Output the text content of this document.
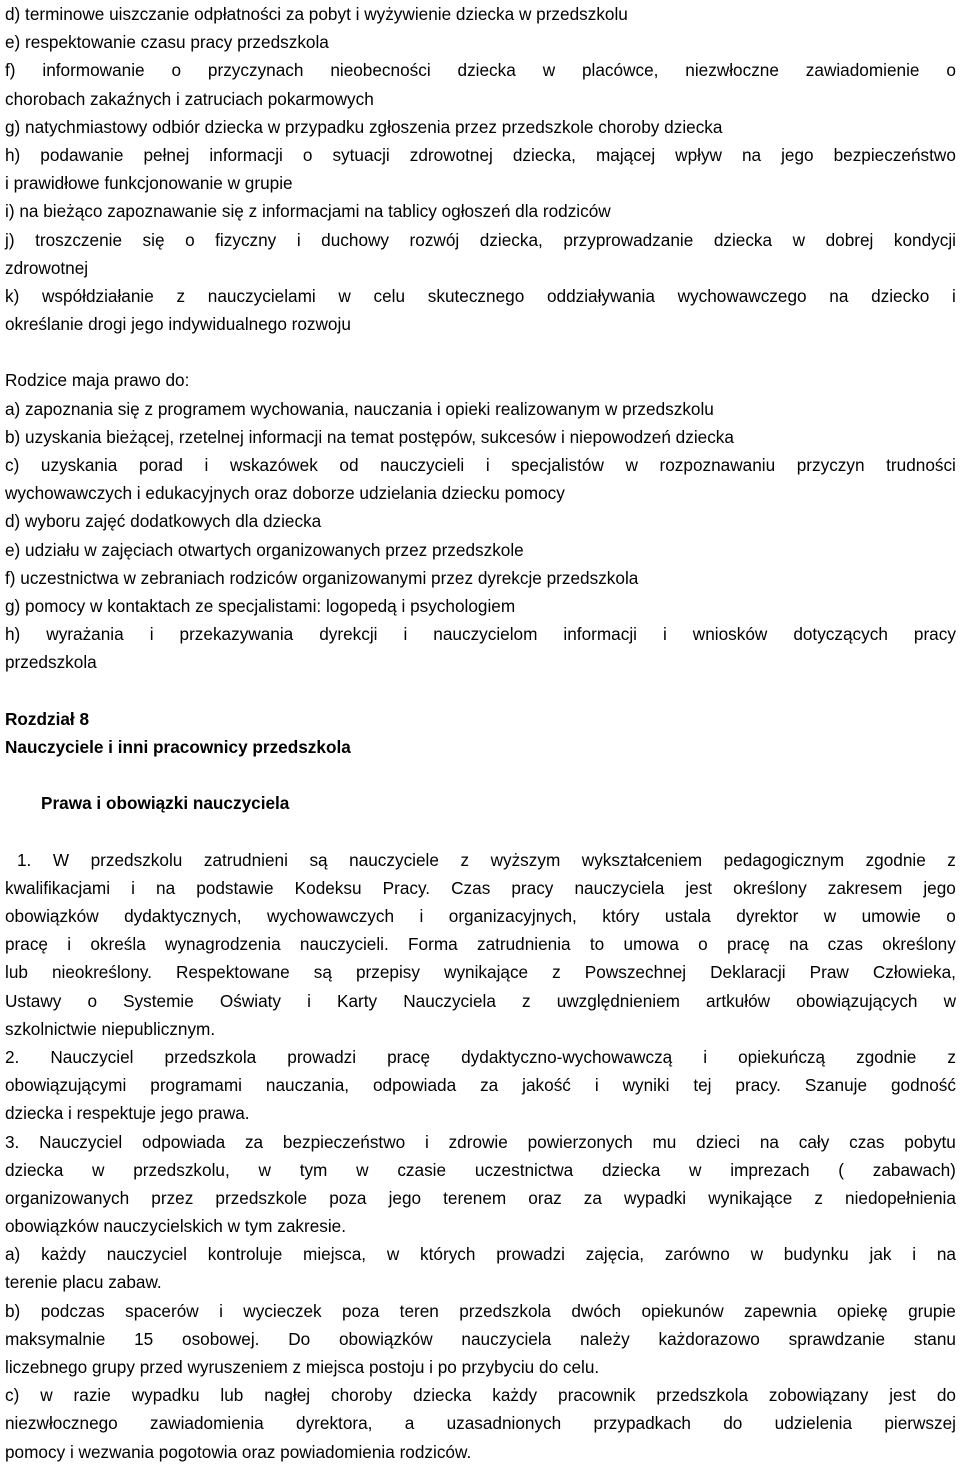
d) terminowe uiszczanie odpłatności za pobyt i wyżywienie dziecka w przedszkolu
e) respektowanie czasu pracy przedszkola
f) informowanie o przyczynach nieobecności dziecka w placówce, niezwłoczne zawiadomienie o
chorobach zakaźnych i zatruciach pokarmowych
g) natychmiastowy odbiór dziecka w przypadku zgłoszenia przez przedszkole choroby dziecka
h) podawanie pełnej informacji o sytuacji zdrowotnej dziecka, mającej wpływ na jego bezpieczeństwo
i prawidłowe funkcjonowanie w grupie
i) na bieżąco zapoznawanie się z informacjami na tablicy ogłoszeń dla rodziców
j) troszczenie się o fizyczny i duchowy rozwój dziecka, przyprowadzanie dziecka w dobrej kondycji
zdrowotnej
k) współdziałanie z nauczycielami w celu skutecznego oddziaływania wychowawczego na dziecko i
określanie drogi jego indywidualnego rozwoju
Rodzice maja prawo do:
a) zapoznania się z programem wychowania, nauczania i opieki realizowanym w przedszkolu
b) uzyskania bieżącej, rzetelnej informacji na temat postępów, sukcesów i niepowodzeń dziecka
c) uzyskania porad i wskazówek od nauczycieli i specjalistów w rozpoznawaniu przyczyn trudności
wychowawczych i edukacyjnych oraz doborze udzielania dziecku pomocy
d) wyboru zajęć dodatkowych dla dziecka
e) udziału w zajęciach otwartych organizowanych przez przedszkole
f) uczestnictwa w zebraniach rodziców organizowanymi przez dyrekcje przedszkola
g) pomocy w kontaktach ze specjalistami: logopedą i psychologiem
h) wyrażania i przekazywania dyrekcji i nauczycielom informacji i wniosków dotyczących pracy
przedszkola
Rozdział 8
Nauczyciele i inni pracownicy przedszkola
Prawa i obowiązki nauczyciela
1. W przedszkolu zatrudnieni są nauczyciele z wyższym wykształceniem pedagogicznym zgodnie z
kwalifikacjami i na podstawie Kodeksu Pracy. Czas pracy nauczyciela jest określony zakresem jego
obowiązków dydaktycznych, wychowawczych i organizacyjnych, który ustala dyrektor w umowie o
pracę i określa wynagrodzenia nauczycieli. Forma zatrudnienia to umowa o pracę na czas określony
lub nieokreślony. Respektowane są przepisy wynikające z Powszechnej Deklaracji Praw Człowieka,
Ustawy o Systemie Oświaty i Karty Nauczyciela z uwzględnieniem artkułów obowiązujących w
szkolnictwie niepublicznym.
2. Nauczyciel przedszkola prowadzi pracę dydaktyczno-wychowawczą i opiekuńczą zgodnie z
obowiązującymi programami nauczania, odpowiada za jakość i wyniki tej pracy. Szanuje godność
dziecka i respektuje jego prawa.
3. Nauczyciel odpowiada za bezpieczeństwo i zdrowie powierzonych mu dzieci na cały czas pobytu
dziecka w przedszkolu, w tym w czasie uczestnictwa dziecka w imprezach ( zabawach)
organizowanych przez przedszkole poza jego terenem oraz za wypadki wynikające z niedopełnienia
obowiązków nauczycielskich w tym zakresie.
a) każdy nauczyciel kontroluje miejsca, w których prowadzi zajęcia, zarówno w budynku jak i na
terenie placu zabaw.
b) podczas spacerów i wycieczek poza teren przedszkola dwóch opiekunów zapewnia opiekę grupie
maksymalnie 15 osobowej. Do obowiązków nauczyciela należy każdorazowo sprawdzanie stanu
liczebnego grupy przed wyruszeniem z miejsca postoju i po przybyciu do celu.
c) w razie wypadku lub nagłej choroby dziecka każdy pracownik przedszkola zobowiązany jest do
niezwłocznego zawiadomienia dyrektora, a uzasadnionych przypadkach do udzielenia pierwszej
pomocy i wezwania pogotowia oraz powiadomienia rodziców.
